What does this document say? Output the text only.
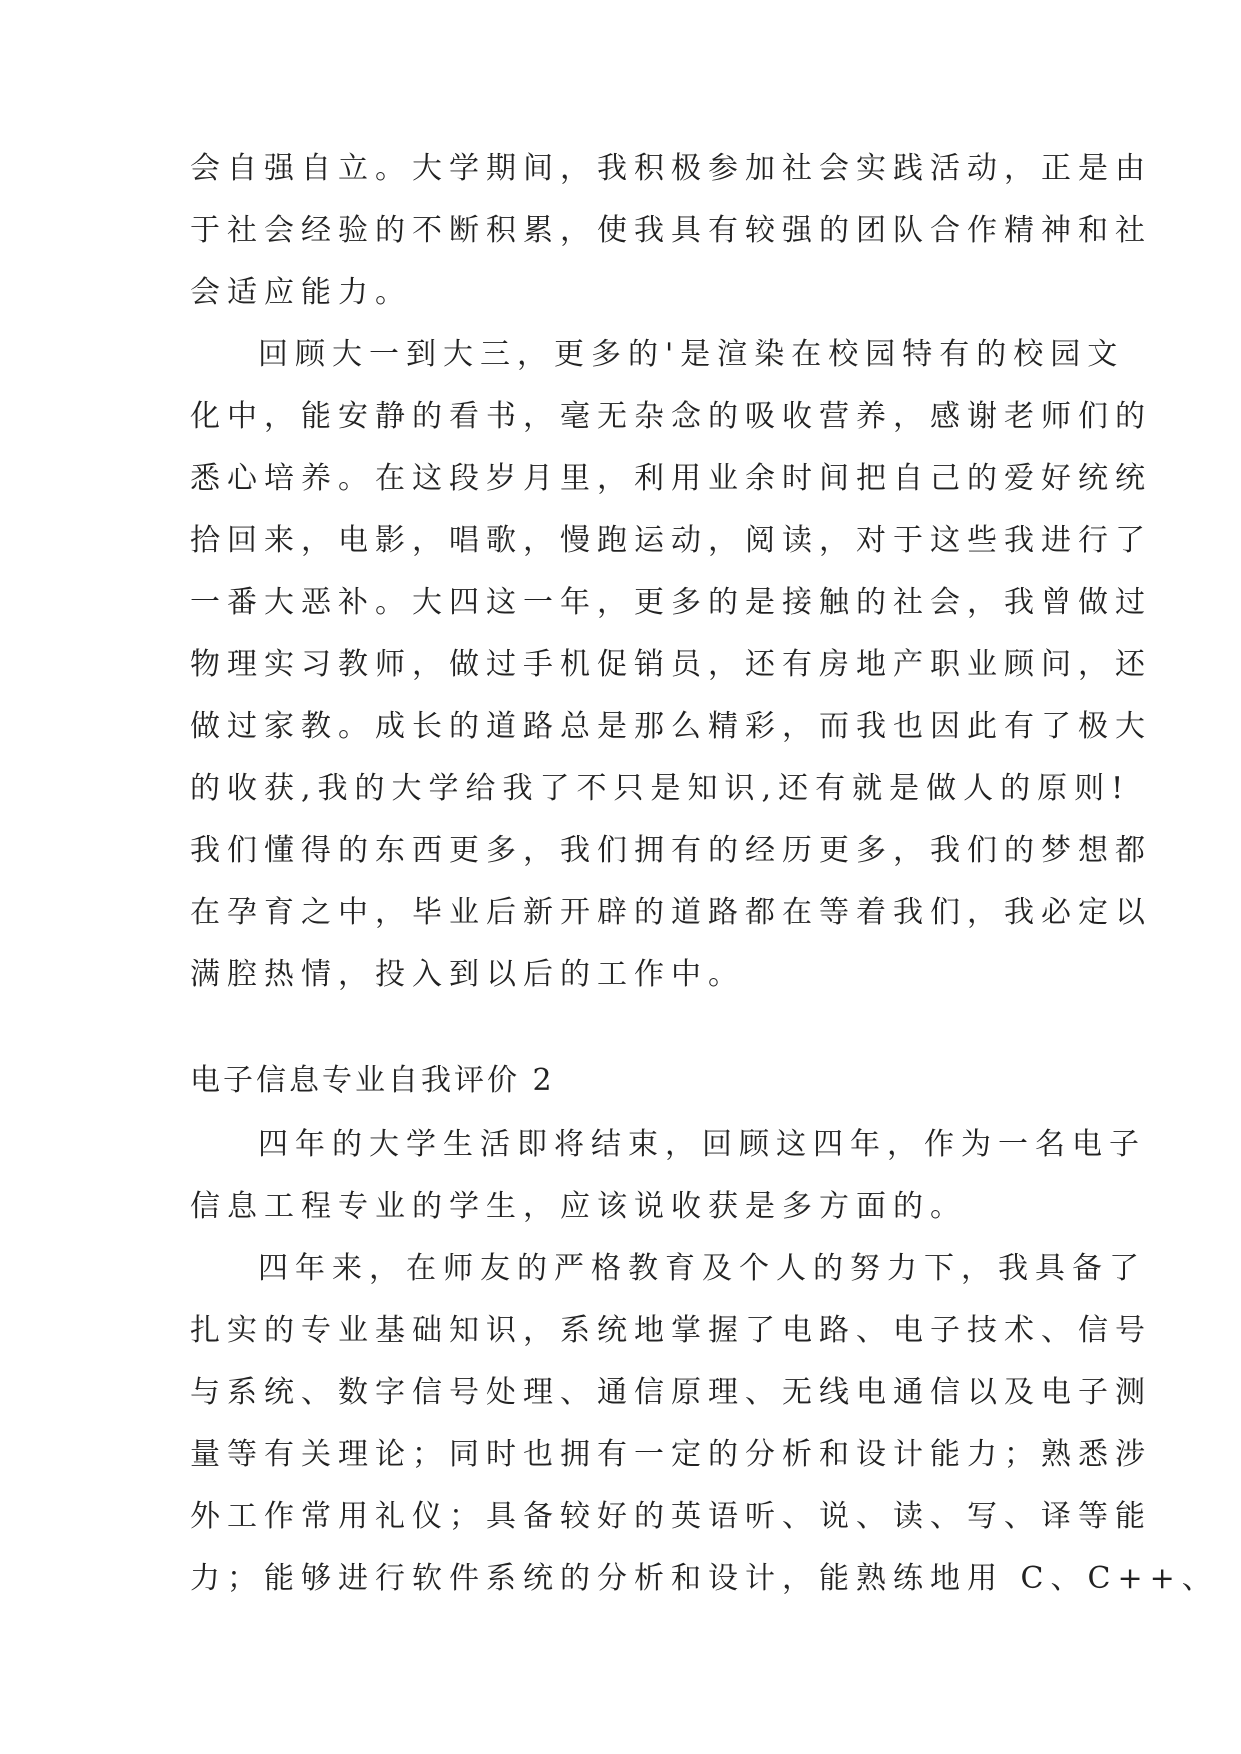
会自强自立。大学期间，我积极参加社会实践活动，正是由
于社会经验的不断积累，使我具有较强的团队合作精神和社
会适应能力。
回顾大一到大三，更多的'是渲染在校园特有的校园文
化中，能安静的看书，毫无杂念的吸收营养，感谢老师们的
悉心培养。在这段岁月里，利用业余时间把自己的爱好统统
拾回来，电影，唱歌，慢跑运动，阅读，对于这些我进行了
一番大恶补。大四这一年，更多的是接触的社会，我曾做过
物理实习教师，做过手机促销员，还有房地产职业顾问，还
做过家教。成长的道路总是那么精彩，而我也因此有了极大
的收获,我的大学给我了不只是知识,还有就是做人的原则!
我们懂得的东西更多，我们拥有的经历更多，我们的梦想都
在孕育之中，毕业后新开辟的道路都在等着我们，我必定以
满腔热情，投入到以后的工作中。
电子信息专业自我评价 2
四年的大学生活即将结束，回顾这四年，作为一名电子
信息工程专业的学生，应该说收获是多方面的。
四年来，在师友的严格教育及个人的努力下，我具备了
扎实的专业基础知识，系统地掌握了电路、电子技术、信号
与系统、数字信号处理、通信原理、无线电通信以及电子测
量等有关理论；同时也拥有一定的分析和设计能力；熟悉涉
外工作常用礼仪；具备较好的英语听、说、读、写、译等能
力；能够进行软件系统的分析和设计，能熟练地用 C、C++、
